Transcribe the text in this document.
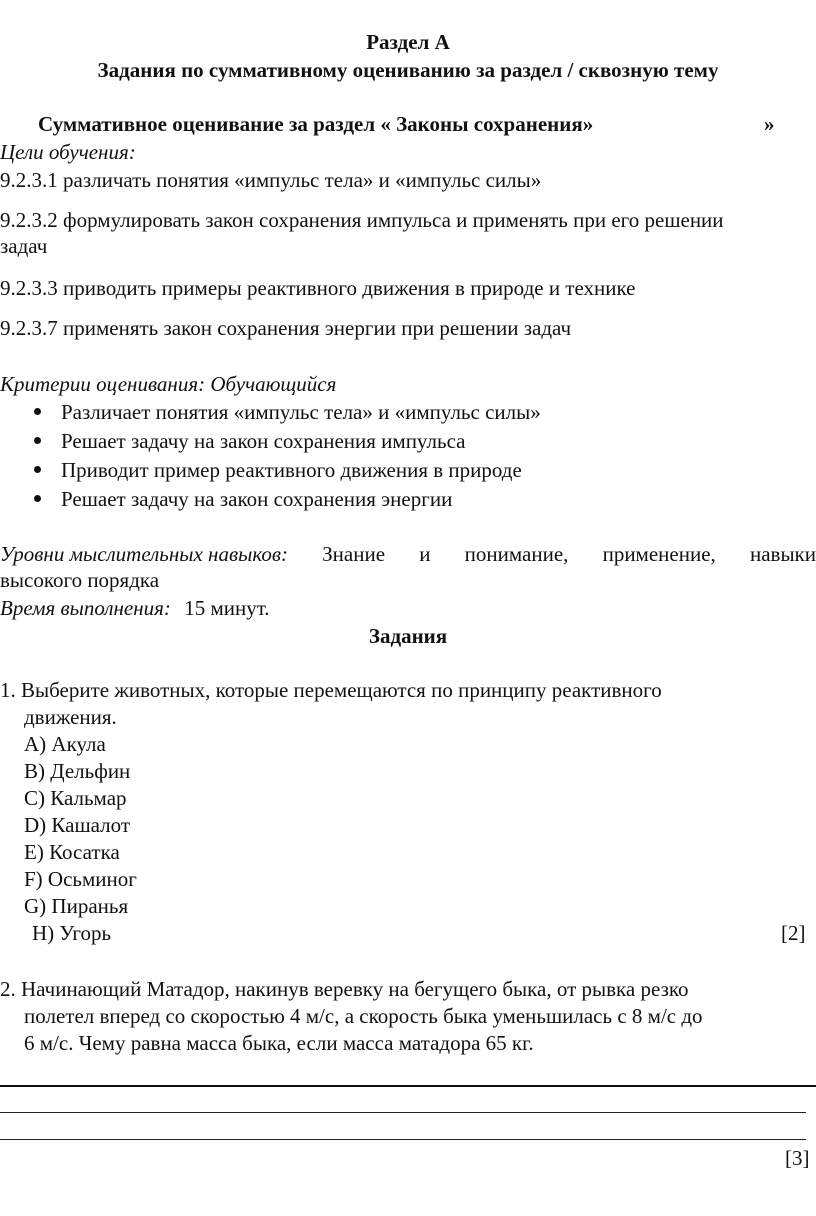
Раздел А
Задания по суммативному оцениванию за раздел / сквозную тему
Суммативное оценивание за раздел « Законы сохранения»	»
Цели обучения:
9.2.3.1 различать понятия «импульс тела» и «импульс силы»
9.2.3.2 формулировать закон сохранения импульса и применять при его решении
задач
9.2.3.3 приводить примеры реактивного движения в природе и технике
9.2.3.7 применять закон сохранения энергии при решении задач
Критерии оценивания: Обучающийся
Различает понятия «импульс тела» и «импульс силы»
Решает задачу на закон сохранения импульса
Приводит пример реактивного движения в природе
Решает задачу на закон сохранения энергии
Уровни мыслительных навыков: Знание и понимание, применение, навыки
высокого порядка
Время выполнения: 15 минут.
Задания
1. Выберите животных, которые перемещаются по принципу реактивного
движения.
A) Акула
B) Дельфин
C) Кальмар
D) Кашалот
E) Косатка
F) Осьминог
G) Пиранья
H) Угорь	[2]
2. Начинающий Матадор, накинув веревку на бегущего быка, от рывка резко
полетел вперед со скоростью 4 м/с, а скорость быка уменьшилась с 8 м/с до
6 м/с. Чему равна масса быка, если масса матадора 65 кг.
[3]
